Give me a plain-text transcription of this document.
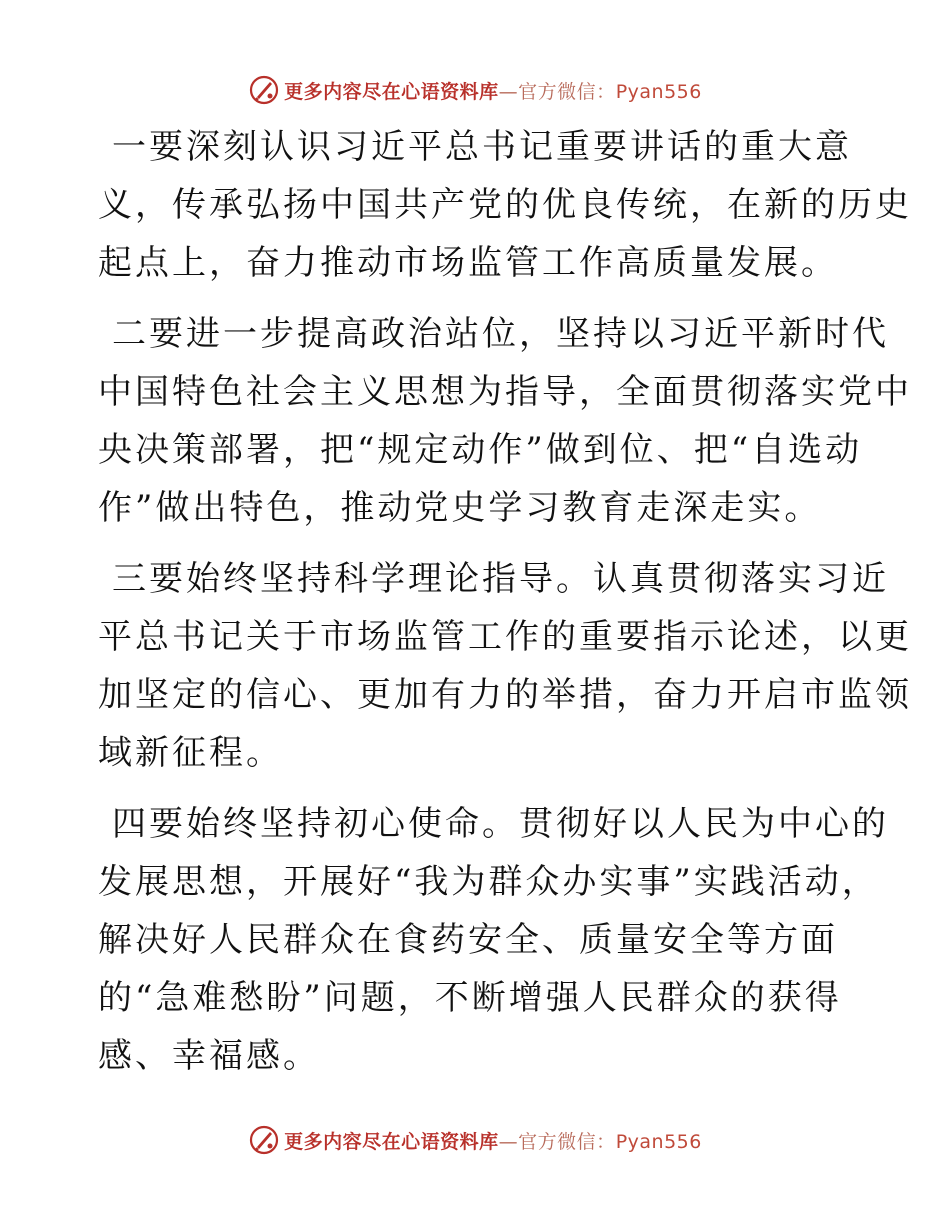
更多内容尽在心语资料库—官方微信：Pyan556

一要深刻认识习近平总书记重要讲话的重大意
义，传承弘扬中国共产党的优良传统，在新的历史
起点上，奋力推动市场监管工作高质量发展。

二要进一步提高政治站位，坚持以习近平新时代
中国特色社会主义思想为指导，全面贯彻落实党中
央决策部署，把“规定动作”做到位、把“自选动
作”做出特色，推动党史学习教育走深走实。

三要始终坚持科学理论指导。认真贯彻落实习近
平总书记关于市场监管工作的重要指示论述，以更
加坚定的信心、更加有力的举措，奋力开启市监领
域新征程。

四要始终坚持初心使命。贯彻好以人民为中心的
发展思想，开展好“我为群众办实事”实践活动，
解决好人民群众在食药安全、质量安全等方面
的“急难愁盼”问题，不断增强人民群众的获得
感、幸福感。

更多内容尽在心语资料库—官方微信：Pyan556
